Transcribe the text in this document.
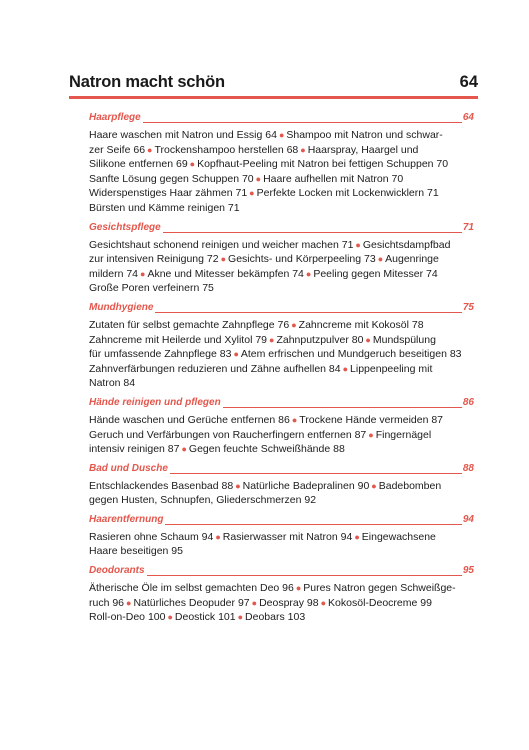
Natron macht schön	64
Haarpflege	64
Haare waschen mit Natron und Essig 64 ● Shampoo mit Natron und schwar-
zer Seife 66 ● Trockenshampoo herstellen 68 ● Haarspray, Haargel und
Silikone entfernen 69 ● Kopfhaut-Peeling mit Natron bei fettigen Schuppen 70
Sanfte Lösung gegen Schuppen 70 ● Haare aufhellen mit Natron 70
Widerspenstiges Haar zähmen 71 ● Perfekte Locken mit Lockenwicklern 71
Bürsten und Kämme reinigen 71
Gesichtspflege	71
Gesichtshaut schonend reinigen und weicher machen 71 ● Gesichtsdampfbad
zur intensiven Reinigung 72 ● Gesichts- und Körperpeeling 73 ● Augenringe
mildern 74 ● Akne und Mitesser bekämpfen 74 ● Peeling gegen Mitesser 74
Große Poren verfeinern 75
Mundhygiene	75
Zutaten für selbst gemachte Zahnpflege 76 ● Zahncreme mit Kokosöl 78
Zahncreme mit Heilerde und Xylitol 79 ● Zahnputzpulver 80 ● Mundspülung
für umfassende Zahnpflege 83 ● Atem erfrischen und Mundgeruch beseitigen 83
Zahnverfärbungen reduzieren und Zähne aufhellen 84 ● Lippenpeeling mit
Natron 84
Hände reinigen und pflegen	86
Hände waschen und Gerüche entfernen 86 ● Trockene Hände vermeiden 87
Geruch und Verfärbungen von Raucherfingern entfernen 87 ● Fingernägel
intensiv reinigen 87 ● Gegen feuchte Schweißhände 88
Bad und Dusche	88
Entschlackendes Basenbad 88 ● Natürliche Badepralinen 90 ● Badebomben
gegen Husten, Schnupfen, Gliederschmerzen 92
Haarentfernung	94
Rasieren ohne Schaum 94 ● Rasierwasser mit Natron 94 ● Eingewachsene
Haare beseitigen 95
Deodorants	95
Ätherische Öle im selbst gemachten Deo 96 ● Pures Natron gegen Schweißge-
ruch 96 ● Natürliches Deopuder 97 ● Deospray 98 ● Kokosöl-Deocreme 99
Roll-on-Deo 100 ● Deostick 101 ● Deobars 103
